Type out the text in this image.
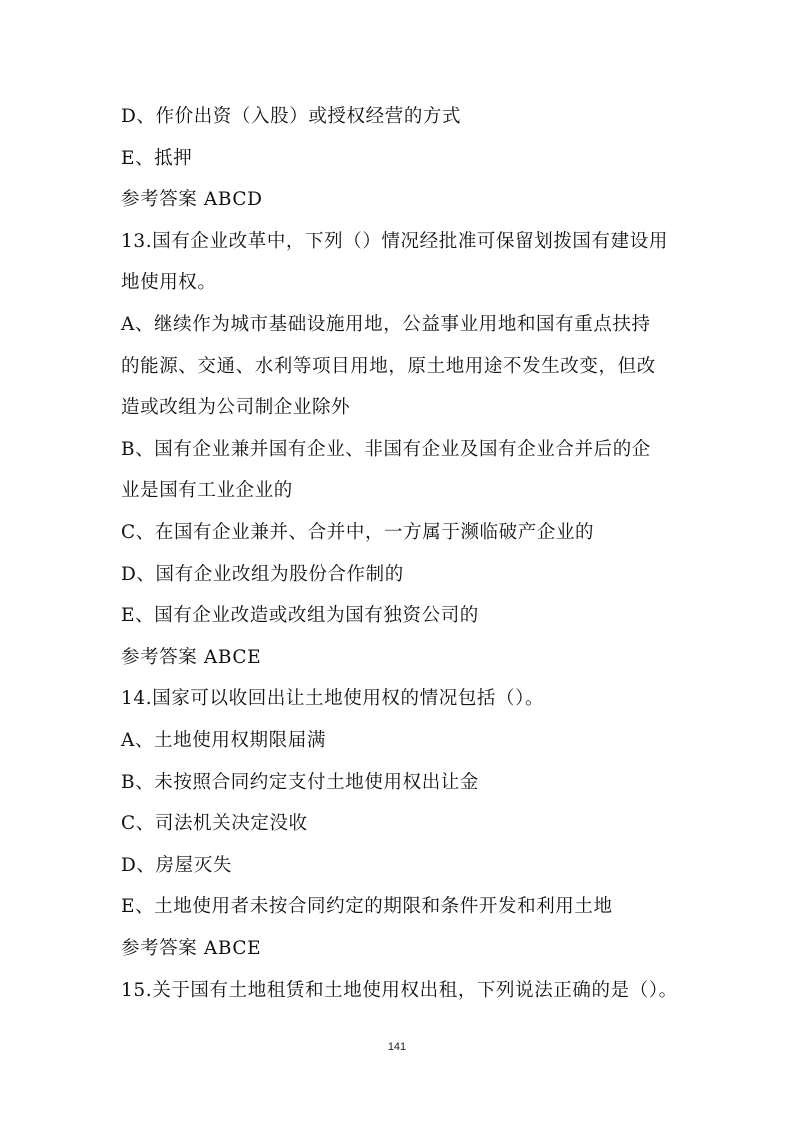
D、作价出资（入股）或授权经营的方式
E、抵押
参考答案 ABCD
13.国有企业改革中，下列（）情况经批准可保留划拨国有建设用
地使用权。
A、继续作为城市基础设施用地，公益事业用地和国有重点扶持
的能源、交通、水利等项目用地，原土地用途不发生改变，但改
造或改组为公司制企业除外
B、国有企业兼并国有企业、非国有企业及国有企业合并后的企
业是国有工业企业的
C、在国有企业兼并、合并中，一方属于濒临破产企业的
D、国有企业改组为股份合作制的
E、国有企业改造或改组为国有独资公司的
参考答案 ABCE
14.国家可以收回出让土地使用权的情况包括（）。
A、土地使用权期限届满
B、未按照合同约定支付土地使用权出让金
C、司法机关决定没收
D、房屋灭失
E、土地使用者未按合同约定的期限和条件开发和利用土地
参考答案 ABCE
15.关于国有土地租赁和土地使用权出租，下列说法正确的是（）。
141
